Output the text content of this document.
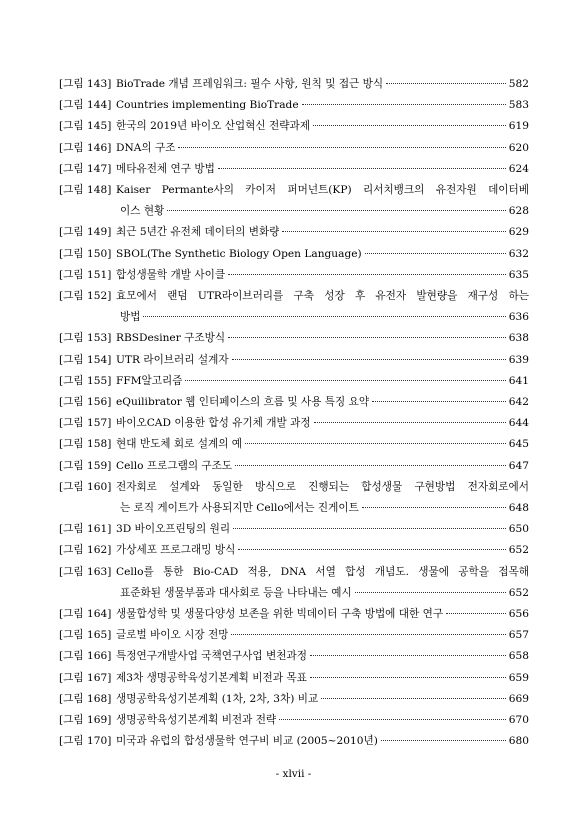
[그림 143] BioTrade 개념 프레임워크: 필수 사항, 원칙 및 접근 방식	582
[그림 144] Countries implementing BioTrade	583
[그림 145] 한국의 2019년 바이오 산업혁신 전략과제	619
[그림 146] DNA의 구조	620
[그림 147] 메타유전체 연구 방법	624
[그림 148] Kaiser Permante사의 카이저 퍼머넌트(KP) 리서치뱅크의 유전자원 데이터베
이스 현황	628
[그림 149] 최근 5년간 유전체 데이터의 변화량	629
[그림 150] SBOL(The Synthetic Biology Open Language)	632
[그림 151] 합성생물학 개발 사이클	635
[그림 152] 효모에서 랜덤 UTR라이브러리를 구축 성장 후 유전자 발현량을 재구성 하는
방법	636
[그림 153] RBSDesiner 구조방식	638
[그림 154] UTR 라이브러리 설계자	639
[그림 155] FFM알고리즘	641
[그림 156] eQuilibrator 웹 인터페이스의 흐름 및 사용 특징 요약	642
[그림 157] 바이오CAD 이용한 합성 유기체 개발 과정	644
[그림 158] 현대 반도체 회로 설계의 예	645
[그림 159] Cello 프로그램의 구조도	647
[그림 160] 전자회로 설계와 동일한 방식으로 진행되는 합성생물 구현방법 전자회로에서
는 로직 게이트가 사용되지만 Cello에서는 진게이트	648
[그림 161] 3D 바이오프린팅의 원리	650
[그림 162] 가상세포 프로그래밍 방식	652
[그림 163] Cello를 통한 Bio-CAD 적용, DNA 서열 합성 개념도. 생물에 공학을 접목해
표준화된 생물부품과 대사회로 등을 나타내는 예시	652
[그림 164] 생물합성학 및 생물다양성 보존을 위한 빅데이터 구축 방법에 대한 연구	656
[그림 165] 글로벌 바이오 시장 전망	657
[그림 166] 특정연구개발사업 국책연구사업 변천과정	658
[그림 167] 제3차 생명공학육성기본계획 비전과 목표	659
[그림 168] 생명공학육성기본계획 (1차, 2차, 3차) 비교	669
[그림 169] 생명공학육성기본계획 비전과 전략	670
[그림 170] 미국과 유럽의 합성생물학 연구비 비교 (2005~2010년)	680
- xlvii -
